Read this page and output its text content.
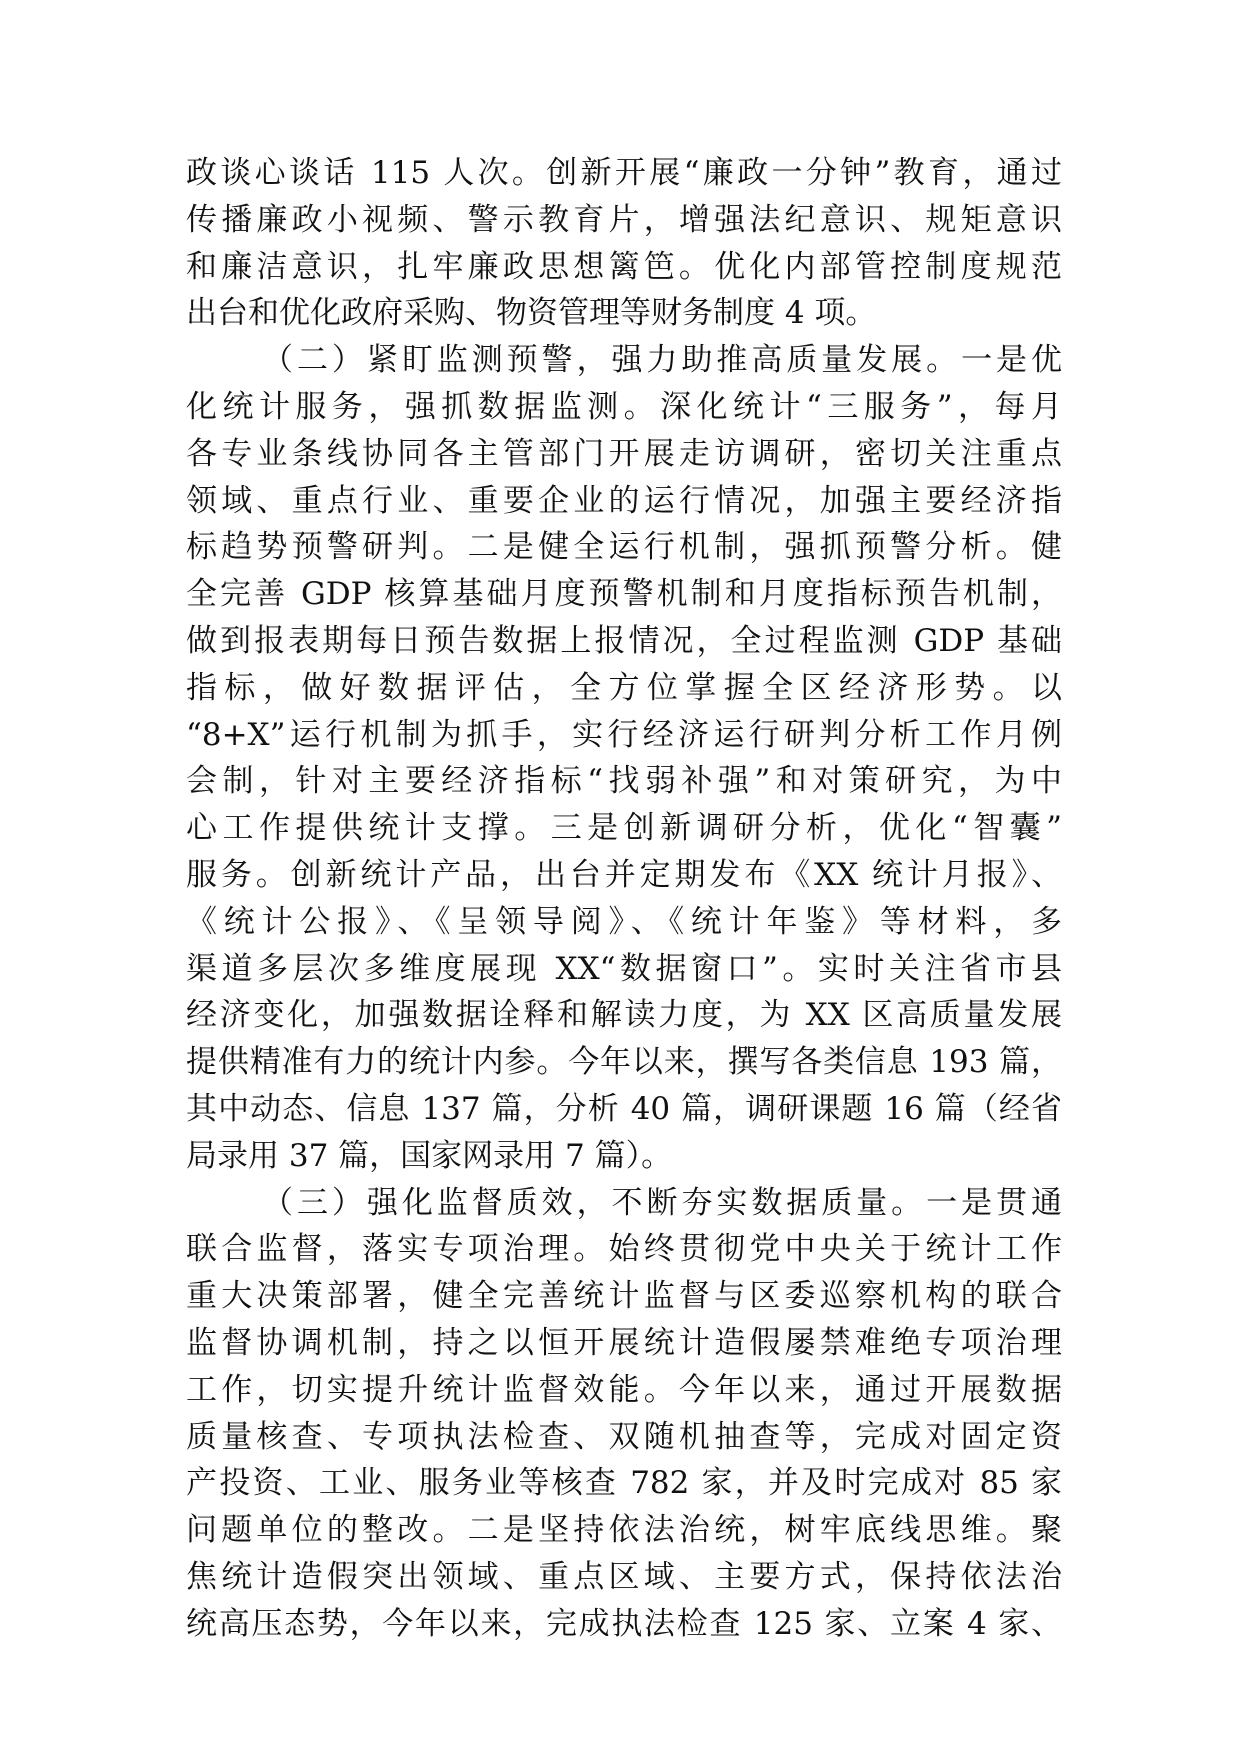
政谈心谈话 115 人次。创新开展“廉政一分钟”教育，通过
传播廉政小视频、警示教育片，增强法纪意识、规矩意识
和廉洁意识，扎牢廉政思想篱笆。优化内部管控制度规范
出台和优化政府采购、物资管理等财务制度 4 项。
（二）紧盯监测预警，强力助推高质量发展。一是优
化统计服务，强抓数据监测。深化统计“三服务”，每月
各专业条线协同各主管部门开展走访调研，密切关注重点
领域、重点行业、重要企业的运行情况，加强主要经济指
标趋势预警研判。二是健全运行机制，强抓预警分析。健
全完善 GDP 核算基础月度预警机制和月度指标预告机制，
做到报表期每日预告数据上报情况，全过程监测 GDP 基础
指标，做好数据评估，全方位掌握全区经济形势。以
“8+X”运行机制为抓手，实行经济运行研判分析工作月例
会制，针对主要经济指标“找弱补强”和对策研究，为中
心工作提供统计支撑。三是创新调研分析，优化“智囊”
服务。创新统计产品，出台并定期发布《XX 统计月报》、
《统计公报》、《呈领导阅》、《统计年鉴》等材料，多
渠道多层次多维度展现 XX“数据窗口”。实时关注省市县
经济变化，加强数据诠释和解读力度，为 XX 区高质量发展
提供精准有力的统计内参。今年以来，撰写各类信息 193 篇，
其中动态、信息 137 篇，分析 40 篇，调研课题 16 篇（经省
局录用 37 篇，国家网录用 7 篇）。
（三）强化监督质效，不断夯实数据质量。一是贯通
联合监督，落实专项治理。始终贯彻党中央关于统计工作
重大决策部署，健全完善统计监督与区委巡察机构的联合
监督协调机制，持之以恒开展统计造假屡禁难绝专项治理
工作，切实提升统计监督效能。今年以来，通过开展数据
质量核查、专项执法检查、双随机抽查等，完成对固定资
产投资、工业、服务业等核查 782 家，并及时完成对 85 家
问题单位的整改。二是坚持依法治统，树牢底线思维。聚
焦统计造假突出领域、重点区域、主要方式，保持依法治
统高压态势，今年以来，完成执法检查 125 家、立案 4 家、
